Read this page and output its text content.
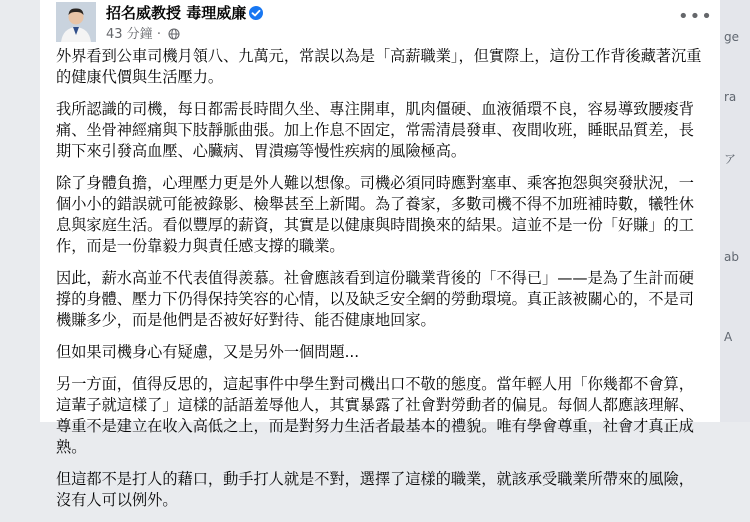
招名威教授 毒理威廉
43 分鐘 ·
•••

外界看到公車司機月領八、九萬元，常誤以為是「高薪職業」，但實際上，這份工作背後藏著沉重的健康代價與生活壓力。

我所認識的司機，每日都需長時間久坐、專注開車，肌肉僵硬、血液循環不良，容易導致腰痠背痛、坐骨神經痛與下肢靜脈曲張。加上作息不固定，常需清晨發車、夜間收班，睡眠品質差，長期下來引發高血壓、心臟病、胃潰瘍等慢性疾病的風險極高。

除了身體負擔，心理壓力更是外人難以想像。司機必須同時應對塞車、乘客抱怨與突發狀況，一個小小的錯誤就可能被錄影、檢舉甚至上新聞。為了養家，多數司機不得不加班補時數，犧牲休息與家庭生活。看似豐厚的薪資，其實是以健康與時間換來的結果。這並不是一份「好賺」的工作，而是一份靠毅力與責任感支撐的職業。

因此，薪水高並不代表值得羨慕。社會應該看到這份職業背後的「不得已」——是為了生計而硬撐的身體、壓力下仍得保持笑容的心情，以及缺乏安全網的勞動環境。真正該被關心的，不是司機賺多少，而是他們是否被好好對待、能否健康地回家。

但如果司機身心有疑慮，又是另外一個問題...

另一方面，值得反思的，這起事件中學生對司機出口不敬的態度。當年輕人用「你幾都不會算，這輩子就這樣了」這樣的話語羞辱他人，其實暴露了社會對勞動者的偏見。每個人都應該理解、尊重不是建立在收入高低之上，而是對努力生活者最基本的禮貌。唯有學會尊重，社會才真正成熟。

但這都不是打人的藉口，動手打人就是不對，選擇了這樣的職業，就該承受職業所帶來的風險，沒有人可以例外。

ge
ra
ア
ab
A
